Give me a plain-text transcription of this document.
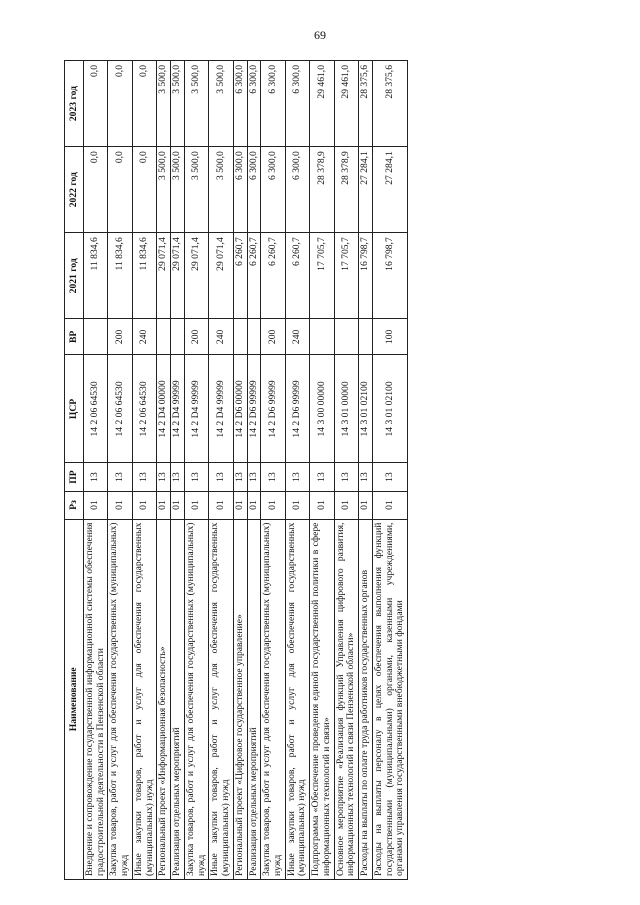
69
Наименование	Рз	ПР	ЦСР	ВР	2021 год	2022 год	2023 год
Внедрение и сопровождение государственной информационной системы обеспечения градостроительной деятельности в Пензенской области	01	13	14 2 06 64530		11 834,6	0,0	0,0
Закупка товаров, работ и услуг для обеспечения государственных (муниципальных) нужд	01	13	14 2 06 64530	200	11 834,6	0,0	0,0
Иные закупки товаров, работ и услуг для обеспечения государственных (муниципальных) нужд	01	13	14 2 06 64530	240	11 834,6	0,0	0,0
Региональный проект «Информационная безопасность»	01	13	14 2 D4 00000		29 071,4	3 500,0	3 500,0
Реализация отдельных мероприятий	01	13	14 2 D4 99999		29 071,4	3 500,0	3 500,0
Закупка товаров, работ и услуг для обеспечения государственных (муниципальных) нужд	01	13	14 2 D4 99999	200	29 071,4	3 500,0	3 500,0
Иные закупки товаров, работ и услуг для обеспечения государственных (муниципальных) нужд	01	13	14 2 D4 99999	240	29 071,4	3 500,0	3 500,0
Региональный проект «Цифровое государственное управление»	01	13	14 2 D6 00000		6 260,7	6 300,0	6 300,0
Реализация отдельных мероприятий	01	13	14 2 D6 99999		6 260,7	6 300,0	6 300,0
Закупка товаров, работ и услуг для обеспечения государственных (муниципальных) нужд	01	13	14 2 D6 99999	200	6 260,7	6 300,0	6 300,0
Иные закупки товаров, работ и услуг для обеспечения государственных (муниципальных) нужд	01	13	14 2 D6 99999	240	6 260,7	6 300,0	6 300,0
Подпрограмма «Обеспечение проведения единой государственной политики в сфере информационных технологий и связи»	01	13	14 3 00 00000		17 705,7	28 378,9	29 461,0
Основное мероприятие «Реализация функций Управления цифрового развития, информационных технологий и связи Пензенской области»	01	13	14 3 01 00000		17 705,7	28 378,9	29 461,0
Расходы на выплаты по оплате труда работников государственных органов	01	13	14 3 01 02100		16 798,7	27 284,1	28 375,6
Расходы на выплаты персоналу в целях обеспечения выполнения функций государственными (муниципальными) органами, казенными учреждениями, органами управления государственными внебюджетными фондами	01	13	14 3 01 02100	100	16 798,7	27 284,1	28 375,6
